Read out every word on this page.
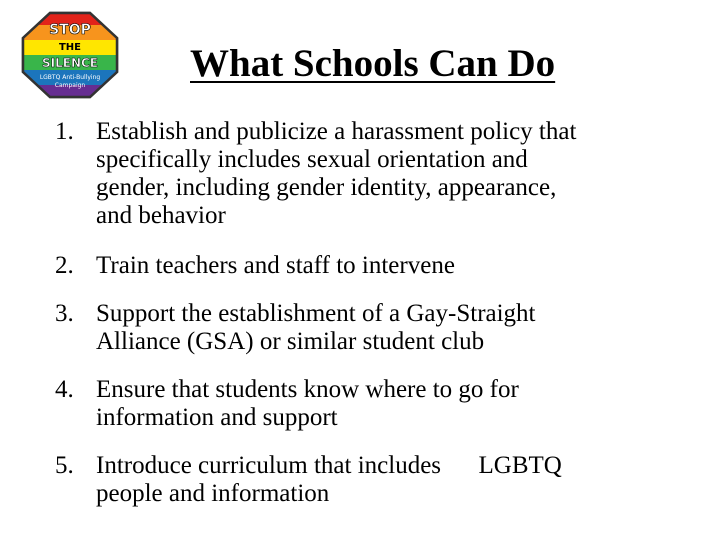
STOP
THE
SILENCE
LGBTQ Anti-Bullying
Campaign
What Schools Can Do
1. Establish and publicize a harassment policy that
specifically includes sexual orientation and
gender, including gender identity, appearance,
and behavior
2. Train teachers and staff to intervene
3. Support the establishment of a Gay-Straight
Alliance (GSA) or similar student club
4. Ensure that students know where to go for
information and support
5. Introduce curriculum that includes      LGBTQ
people and information
